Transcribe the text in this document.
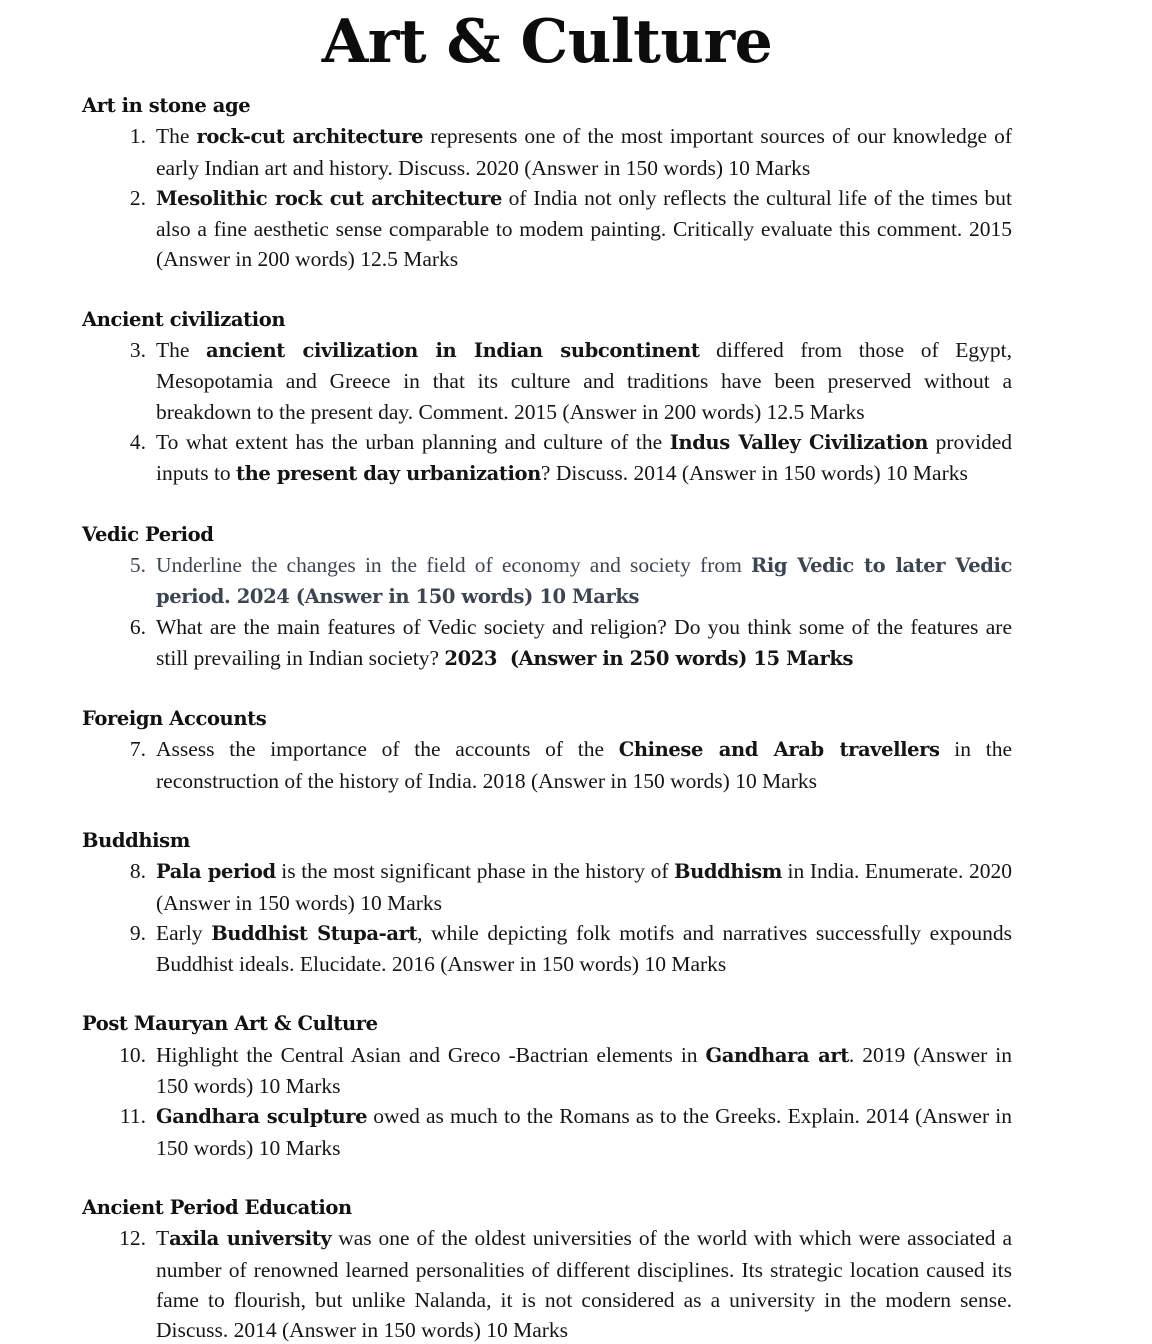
Art & Culture
Art in stone age
1. The rock-cut architecture represents one of the most important sources of our knowledge of early Indian art and history. Discuss. 2020 (Answer in 150 words) 10 Marks
2. Mesolithic rock cut architecture of India not only reflects the cultural life of the times but also a fine aesthetic sense comparable to modem painting. Critically evaluate this comment. 2015 (Answer in 200 words) 12.5 Marks
Ancient civilization
3. The ancient civilization in Indian subcontinent differed from those of Egypt, Mesopotamia and Greece in that its culture and traditions have been preserved without a breakdown to the present day. Comment. 2015 (Answer in 200 words) 12.5 Marks
4. To what extent has the urban planning and culture of the Indus Valley Civilization provided inputs to the present day urbanization? Discuss. 2014 (Answer in 150 words) 10 Marks
Vedic Period
5. Underline the changes in the field of economy and society from Rig Vedic to later Vedic period. 2024 (Answer in 150 words) 10 Marks
6. What are the main features of Vedic society and religion? Do you think some of the features are still prevailing in Indian society? 2023  (Answer in 250 words) 15 Marks
Foreign Accounts
7. Assess the importance of the accounts of the Chinese and Arab travellers in the reconstruction of the history of India. 2018 (Answer in 150 words) 10 Marks
Buddhism
8. Pala period is the most significant phase in the history of Buddhism in India. Enumerate. 2020 (Answer in 150 words) 10 Marks
9. Early Buddhist Stupa-art, while depicting folk motifs and narratives successfully expounds Buddhist ideals. Elucidate. 2016 (Answer in 150 words) 10 Marks
Post Mauryan Art & Culture
10. Highlight the Central Asian and Greco -Bactrian elements in Gandhara art. 2019 (Answer in 150 words) 10 Marks
11. Gandhara sculpture owed as much to the Romans as to the Greeks. Explain. 2014 (Answer in 150 words) 10 Marks
Ancient Period Education
12. Taxila university was one of the oldest universities of the world with which were associated a number of renowned learned personalities of different disciplines. Its strategic location caused its fame to flourish, but unlike Nalanda, it is not considered as a university in the modern sense. Discuss. 2014 (Answer in 150 words) 10 Marks
